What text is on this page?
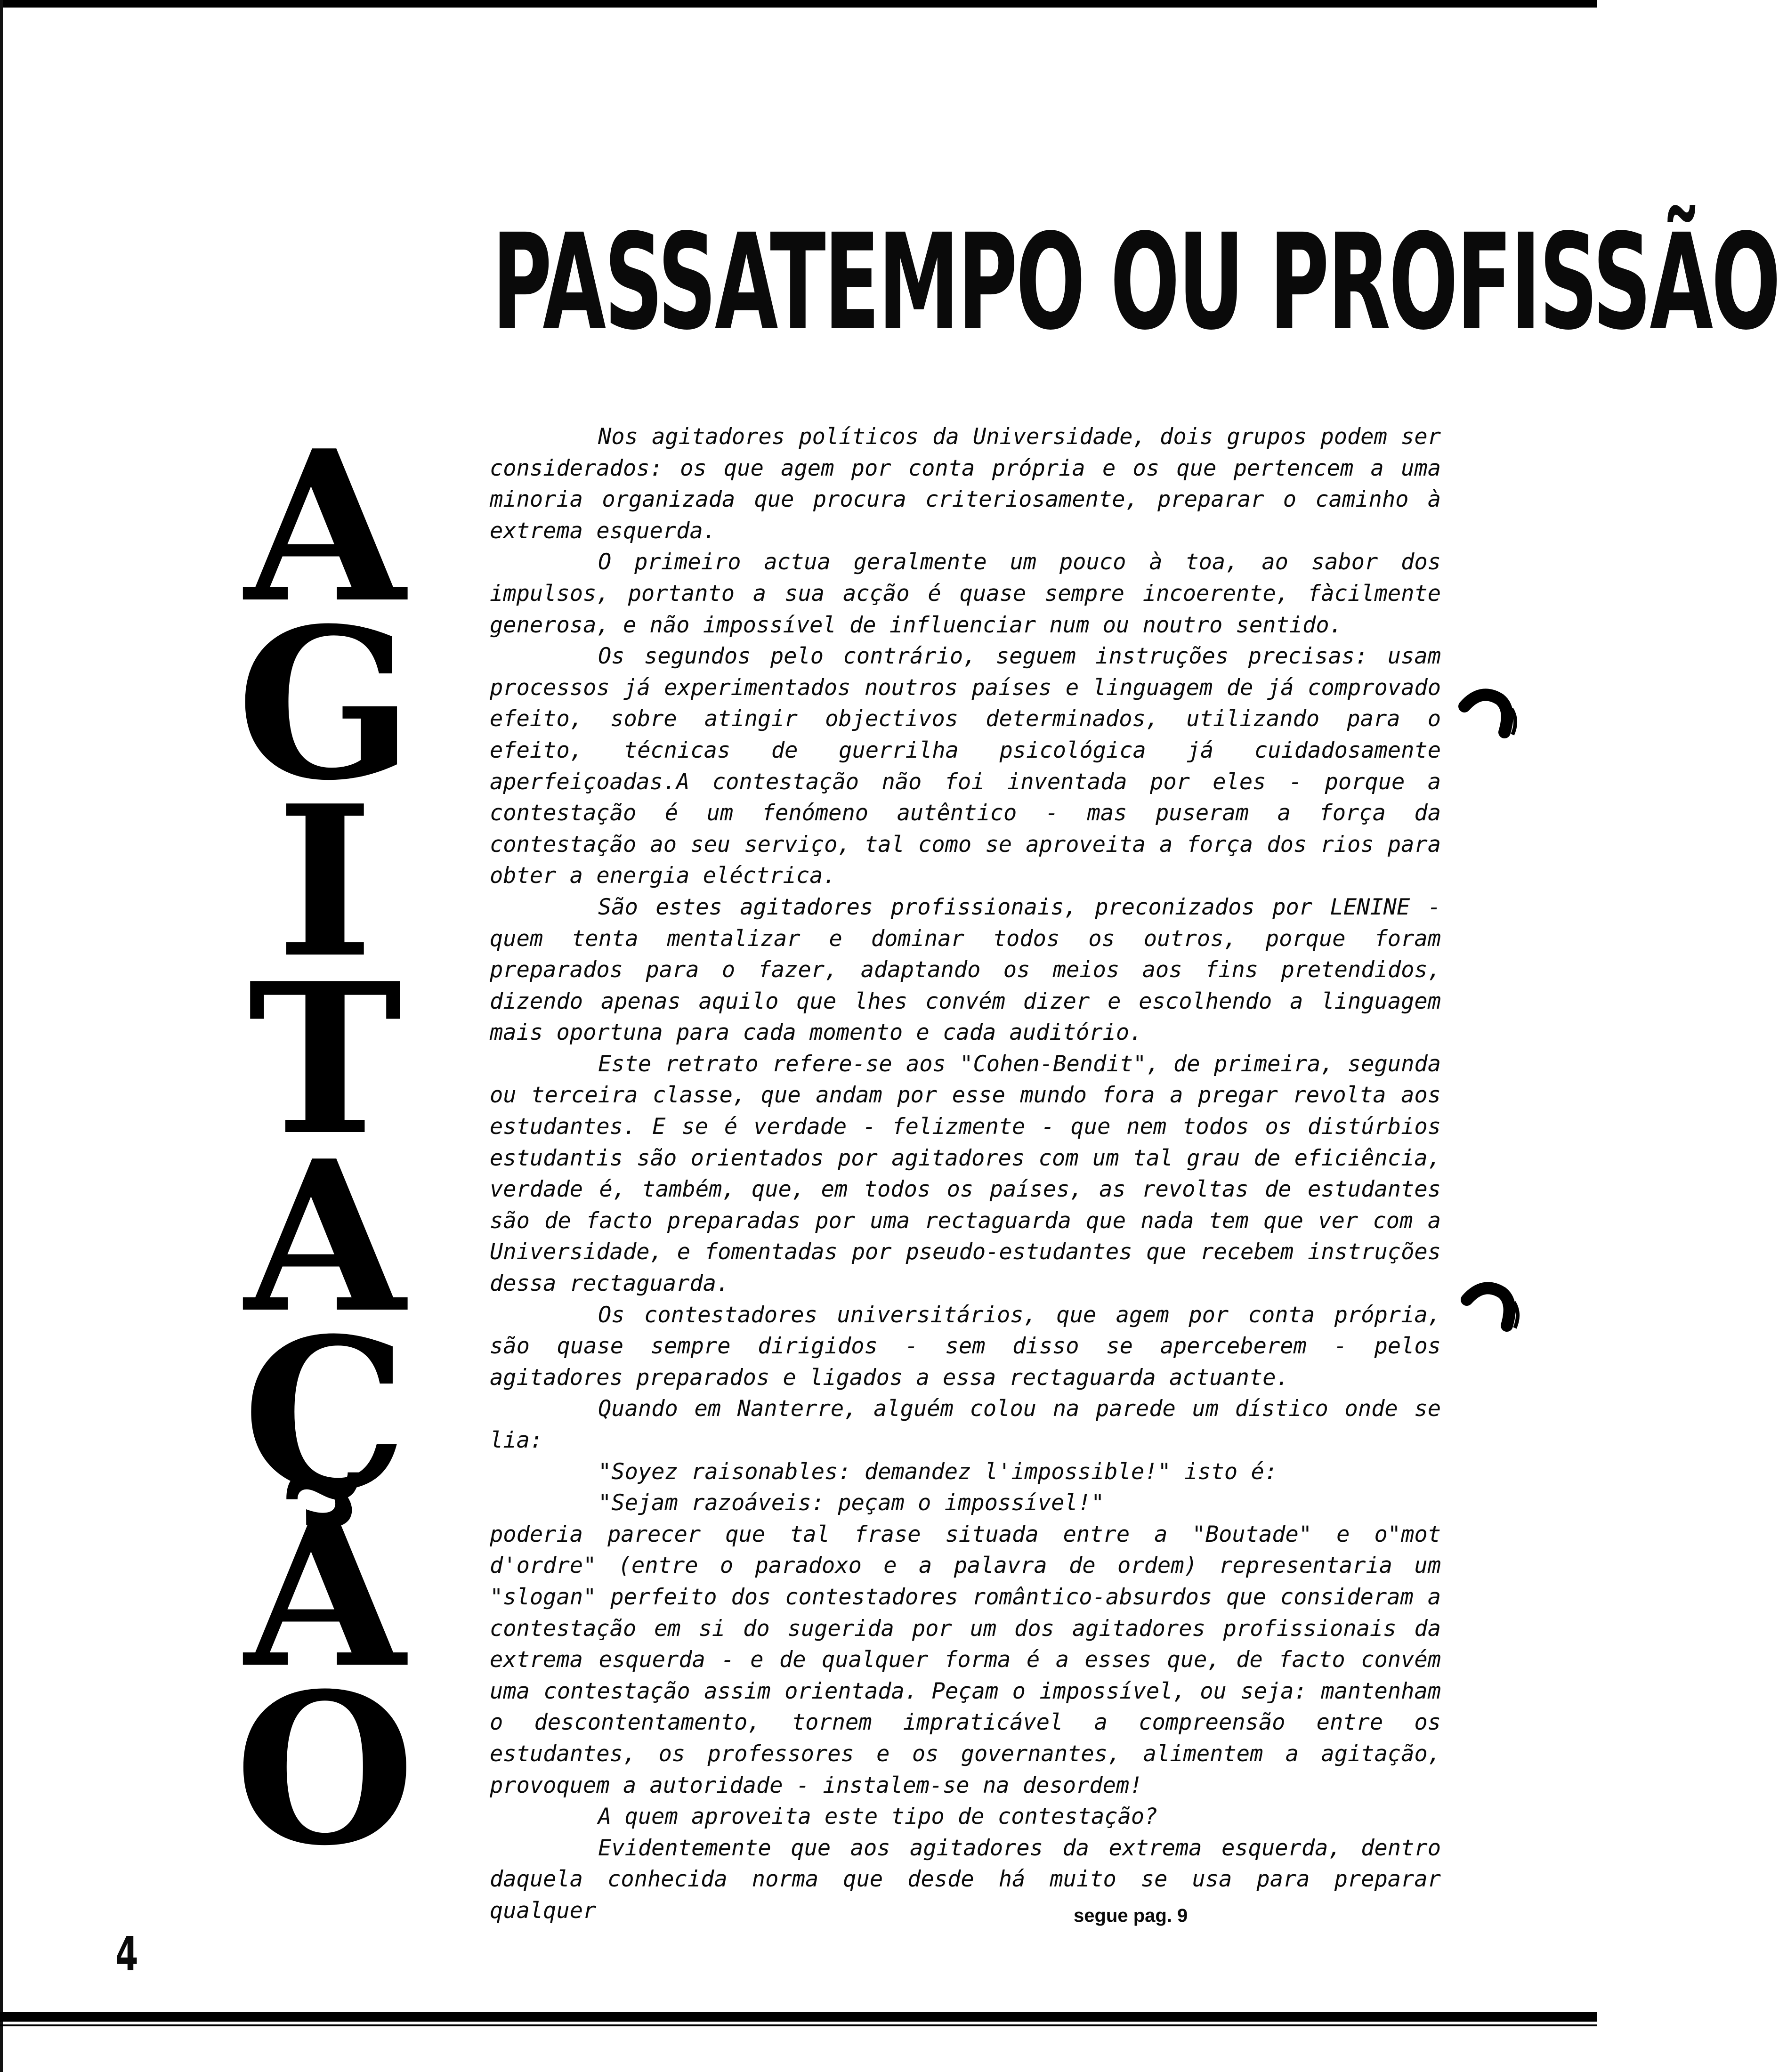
PASSATEMPO OU PROFISSÃO
A
G
I
T
A
Ç
Ã
O

Nos agitadores políticos da Universidade, dois grupos podem ser considerados: os que agem por conta própria e os que pertencem a uma minoria organizada que procura criteriosamente, preparar o caminho à extrema esquerda.

O primeiro actua geralmente um pouco à toa, ao sabor dos impulsos, portanto a sua acção é quase sempre incoerente, fàcilmente generosa, e não impossível de influenciar num ou noutro sentido.

Os segundos pelo contrário, seguem instruções precisas: usam processos já experimentados noutros países e linguagem de já comprovado efeito, sobre atingir objectivos determinados, utilizando para o efeito, técnicas de guerrilha psicológica já cuidadosamente aperfeiçoadas.A contestação não foi inventada por eles - porque a contestação é um fenómeno autêntico - mas puseram a força da contestação ao seu serviço, tal como se aproveita a força dos rios para obter a energia eléctrica.

São estes agitadores profissionais, preconizados por LENINE - quem tenta mentalizar e dominar todos os outros, porque foram preparados para o fazer, adaptando os meios aos fins pretendidos, dizendo apenas aquilo que lhes convém dizer e escolhendo a linguagem mais oportuna para cada momento e cada auditório.

Este retrato refere-se aos "Cohen-Bendit", de primeira, segunda ou terceira classe, que andam por esse mundo fora a pregar revolta aos estudantes. E se é verdade - felizmente - que nem todos os distúrbios estudantis são orientados por agitadores com um tal grau de eficiência, verdade é, também, que, em todos os países, as revoltas de estudantes são de facto preparadas por uma rectaguarda que nada tem que ver com a Universidade, e fomentadas por pseudo-estudantes que recebem instruções dessa rectaguarda.

Os contestadores universitários, que agem por conta própria, são quase sempre dirigidos - sem disso se aperceberem - pelos agitadores preparados e ligados a essa rectaguarda actuante.

Quando em Nanterre, alguém colou na parede um dístico onde se lia:

"Soyez raisonables: demandez l'impossible!" isto é:

"Sejam razoáveis: peçam o impossível!"

poderia parecer que tal frase situada entre a "Boutade" e o"mot d'ordre" (entre o paradoxo e a palavra de ordem) representaria um "slogan" perfeito dos contestadores romântico-absurdos que consideram a contestação em si do sugerida por um dos agitadores profissionais da extrema esquerda - e de qualquer forma é a esses que, de facto convém uma contestação assim orientada. Peçam o impossível, ou seja: mantenham o descontentamento, tornem impraticável a compreensão entre os estudantes, os professores e os governantes, alimentem a agitação, provoquem a autoridade - instalem-se na desordem!

A quem aproveita este tipo de contestação?

Evidentemente que aos agitadores da extrema esquerda, dentro daquela conhecida norma que desde há muito se usa para preparar qualquer	segue pag. 9
4
